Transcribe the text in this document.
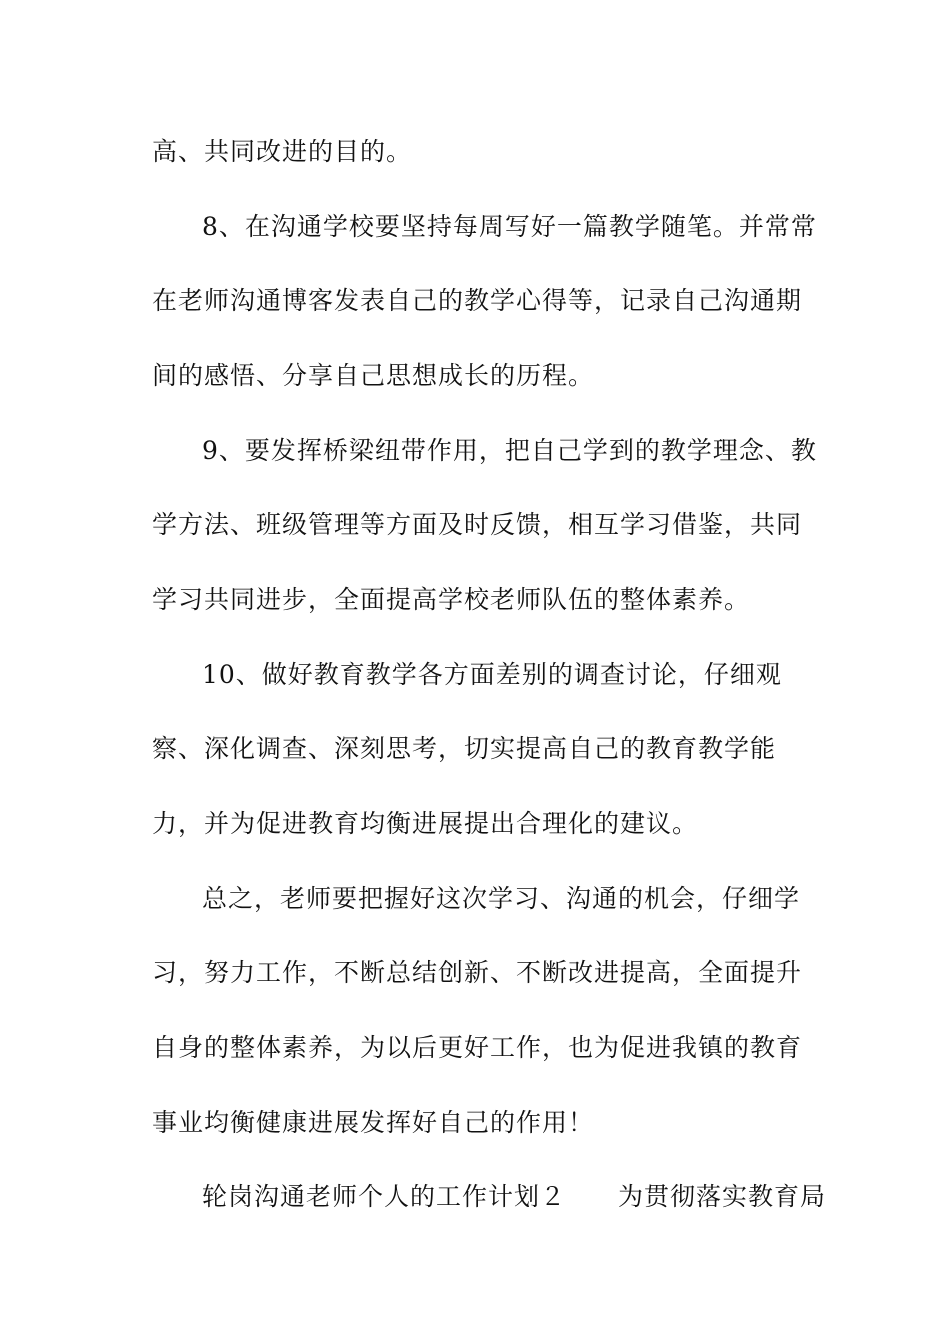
高、共同改进的目的。
8、在沟通学校要坚持每周写好一篇教学随笔。并常常
在老师沟通博客发表自己的教学心得等，记录自己沟通期
间的感悟、分享自己思想成长的历程。
9、要发挥桥梁纽带作用，把自己学到的教学理念、教
学方法、班级管理等方面及时反馈，相互学习借鉴，共同
学习共同进步，全面提高学校老师队伍的整体素养。
10、做好教育教学各方面差别的调查讨论，仔细观
察、深化调查、深刻思考，切实提高自己的教育教学能
力，并为促进教育均衡进展提出合理化的建议。
总之，老师要把握好这次学习、沟通的机会，仔细学
习，努力工作，不断总结创新、不断改进提高，全面提升
自身的整体素养，为以后更好工作，也为促进我镇的教育
事业均衡健康进展发挥好自己的作用！
轮岗沟通老师个人的工作计划２　　为贯彻落实教育局
